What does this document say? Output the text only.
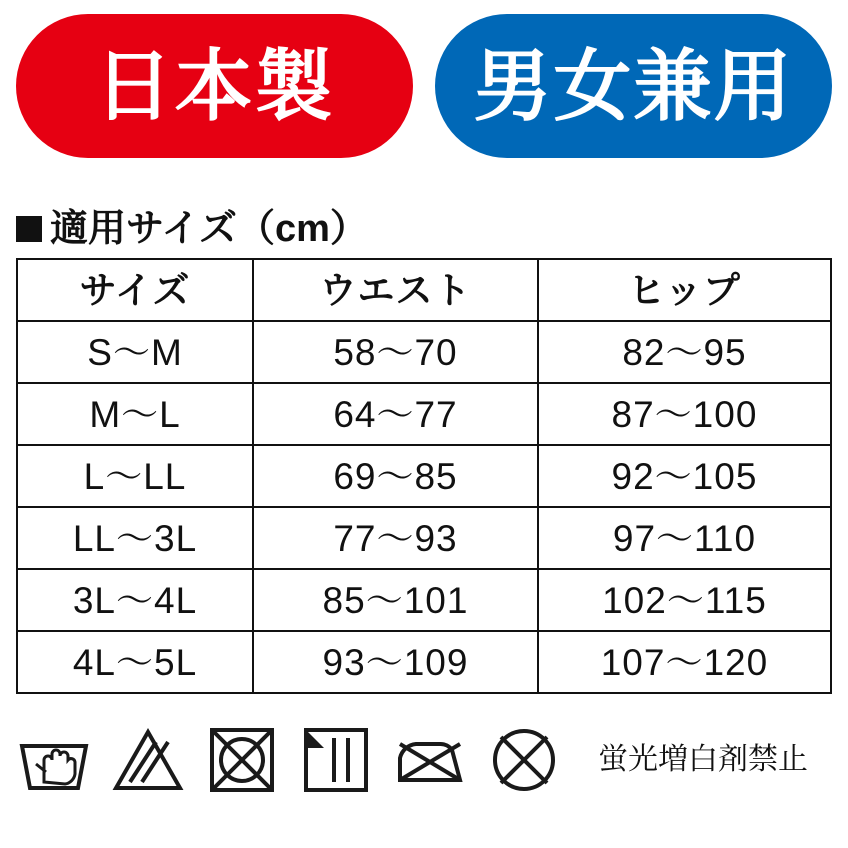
日本製 男女兼用
適用サイズ（cm）
サイズ	ウエスト	ヒップ
S〜M	58〜70	82〜95
M〜L	64〜77	87〜100
L〜LL	69〜85	92〜105
LL〜3L	77〜93	97〜110
3L〜4L	85〜101	102〜115
4L〜5L	93〜109	107〜120
蛍光増白剤禁止
